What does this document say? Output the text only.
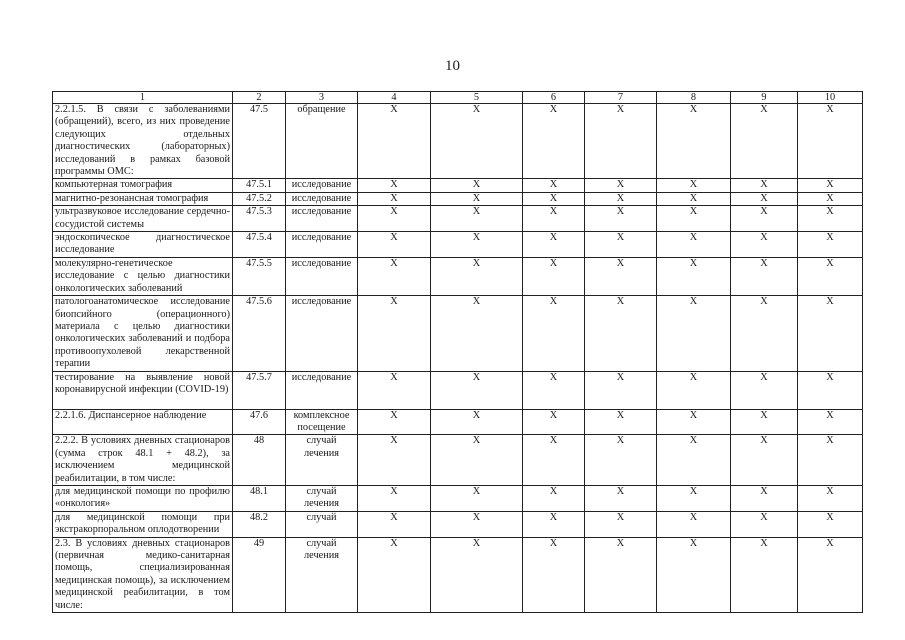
10
1	2	3	4	5	6	7	8	9	10
2.2.1.5. В связи с заболеваниями (обращений), всего, из них проведение следующих отдельных диагностических (лабораторных) исследований в рамках базовой программы ОМС:	47.5	обращение	X	X	X	X	X	X	X
компьютерная томография	47.5.1	исследование	X	X	X	X	X	X	X
магнитно-резонансная томография	47.5.2	исследование	X	X	X	X	X	X	X
ультразвуковое исследование сердечно-сосудистой системы	47.5.3	исследование	X	X	X	X	X	X	X
эндоскопическое диагностическое исследование	47.5.4	исследование	X	X	X	X	X	X	X
молекулярно-генетическое исследование с целью диагностики онкологических заболеваний	47.5.5	исследование	X	X	X	X	X	X	X
патологоанатомическое исследование биопсийного (операционного) материала с целью диагностики онкологических заболеваний и подбора противоопухолевой лекарственной терапии	47.5.6	исследование	X	X	X	X	X	X	X
тестирование на выявление новой коронавирусной инфекции (COVID-19)	47.5.7	исследование	X	X	X	X	X	X	X
2.2.1.6. Диспансерное наблюдение	47.6	комплексное посещение	X	X	X	X	X	X	X
2.2.2. В условиях дневных стационаров (сумма строк 48.1 + 48.2), за исключением медицинской реабилитации, в том числе:	48	случай лечения	X	X	X	X	X	X	X
для медицинской помощи по профилю «онкология»	48.1	случай лечения	X	X	X	X	X	X	X
для медицинской помощи при экстракорпоральном оплодотворении	48.2	случай	X	X	X	X	X	X	X
2.3. В условиях дневных стационаров (первичная медико-санитарная помощь, специализированная медицинская помощь), за исключением медицинской реабилитации, в том числе:	49	случай лечения	X	X	X	X	X	X	X
